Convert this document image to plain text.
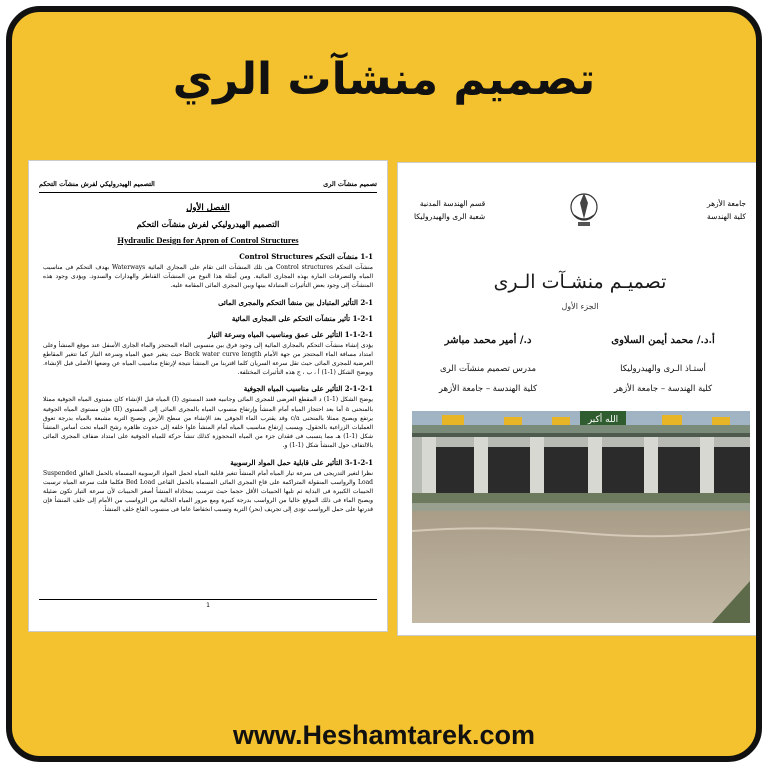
تصميم منشآت الري
تصميم منشآت الرى
التصميم الهيدروليكي لفرش منشآت التحكم
الفصل الأول
التصميم الهيدروليكي لفرش منشآت التحكم
Hydraulic Design for Apron of Control Structures
1-1 منشآت التحكم Control Structures
منشآت التحكم Control structures هى تلك المنشآت التى تقام على المجارى المائية Waterways بهدف التحكم فى مناسيب المياه والتصرفات المارة بهذه المجارى المائية. ومن أمثلة هذا النوع من المنشآت القناطر والهدارات والسدود. ويؤدى وجود هذه المنشآت إلى وجود بعض التأثيرات المتبادلة بينها وبين المجرى المائى المقامة عليه.
2-1 التأثير المتبادل بين منشأ التحكم والمجرى المائى
1-2-1 تأثير منشآت التحكم على المجارى المائية
1-1-2-1 التأثير على عمق ومناسيب المياه وسرعة التيار
يؤدى إنشاء منشآت التحكم بالمجارى المائية إلى وجود فرق بين منسوبى الماء المحتجز والماء الجارى الأسفل عند موقع المنشأ وعلى امتداد مسافة الماء المحتجز من جهة الأمام Back water curve length حيث يتغير عمق المياه وسرعة التيار كما تتغير المقاطع العرضية للمجرى المائى حيث تقل سرعة السريان كلما اقتربنا من المنشأ نتيجة لإرتفاع مناسيب المياه عن وضعها الأصلى قبل الإنشاء. ويوضح الشكل (1-1) أ ، ب ، ج هذه التأثيرات المختلفة.
2-1-2-1 التأثير على مناسيب المياه الجوفية
يوضح الشكل (1-1) د المقطع العرضى للمجرى المائى وجانبيه فعند المستوى (I) المياه قبل الإنشاء كان مستوى المياه الجوفية ممثلا بالمنحنى a أما بعد احتجاز المياه أمام المنشأ وإرتفاع منسوب المياه بالمجرى المائى إلى المستوى (II) فإن مستوى المياه الجوفية يرتفع ويصبح ممثلا بالمنحنى c/a وقد يقترب الماء الجوفى بعد الإنشاء من سطح الأرض وتصبح التربة مشبعة بالمياه بدرجة تعوق العمليات الزراعية بالحقول. ويسبب إرتفاع مناسيب المياه أمام المنشأ علوا خلفه إلى حدوث ظاهرة رشح المياه تحت أساس المنشأ شكل (1-1) هـ مما يتسبب فى فقدان جزء من المياه المحجوزة كذلك تنشأ حركة للمياه الجوفية على امتداد ضفاف المجرى المائى بالالتفاف حول المنشأ شكل (1-1) و.
3-1-2-1 التأثير على قابلية حمل المواد الرسوبية
نظرا لتغير التدريجى فى سرعة تيار المياه أمام المنشأ تتغير قابلية المياه لحمل المواد الرسوبية المسماة بالحمل العالق Suspended Load والرواسب المنقولة المتراكمة على قاع المجرى المائى المسماة بالحمل القاعى Bed Load فكلما قلت سرعة المياه ترسبت الحبيبات الكبيرة فى البداية ثم تليها الحبيبات الأقل حجما حيث تترسب بمحاذاة المنشأ أصغر الحبيبات لأن سرعة التيار تكون ضئيلة ويصبح الماء فى ذلك الموقع خاليا من الرواسب بدرجة كبيرة ومع مرور المياه الخالية من الرواسب من الأمام إلى خلف المنشأ فإن قدرتها على حمل الرواسب تؤدى إلى تجريف (نحر) التربة وتسبب انخفاضا عاما فى منسوب القاع خلف المنشأ.
1
جامعة الأزهر
كلية الهندسة
قسم الهندسة المدنية
شعبة الرى والهيدروليكا
تصميـم منشـآت الـرى
الجزء الأول
أ.د./ محمد أيمن السلاوى
أستـاذ الـرى والهيدروليكا
كلية الهندسة – جامعة الأزهر
د./ أمير محمد مباشر
مدرس تصميم منشآت الرى
كلية الهندسة – جامعة الأزهر
الله أكبر
www.Heshamtarek.com
